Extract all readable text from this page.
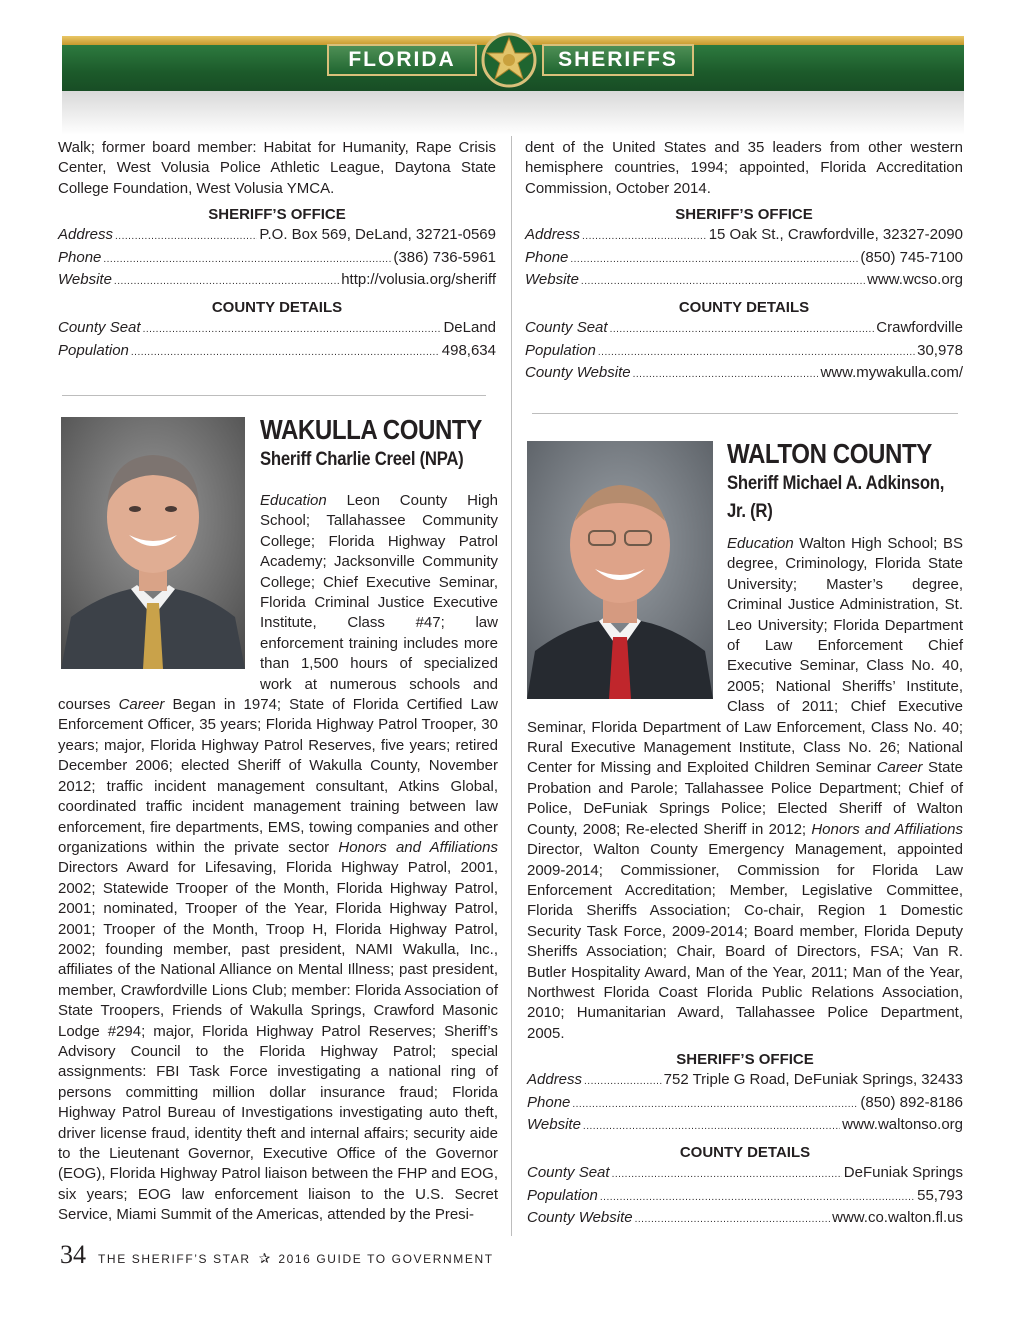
FLORIDA	SHERIFFS

Walk; former board member: Habitat for Humanity, Rape Crisis Center, West Volusia Police Athletic League, Daytona State College Foundation, West Volusia YMCA.

SHERIFF’S OFFICE
Address .....	P.O. Box 569, DeLand, 32721-0569
Phone .....	(386) 736-5961
Website .....	http://volusia.org/sheriff
COUNTY DETAILS
County Seat .....	DeLand
Population .....	498,634

dent of the United States and 35 leaders from other western hemisphere countries, 1994; appointed, Florida Accreditation Commission, October 2014.

SHERIFF’S OFFICE
Address .....	15 Oak St., Crawfordville, 32327-2090
Phone .....	(850) 745-7100
Website .....	www.wcso.org
COUNTY DETAILS
County Seat .....	Crawfordville
Population .....	30,978
County Website .....	www.mywakulla.com/
WAKULLA COUNTY
Sheriff Charlie Creel (NPA)
Education Leon County High School; Tallahassee Community College; Florida Highway Patrol Academy; Jacksonville Community College; Chief Executive Seminar, Florida Criminal Justice Executive Institute, Class #47; law enforcement training includes more than 1,500 hours of specialized work at numerous schools and courses Career Began in 1974; State of Florida Certified Law Enforcement Officer, 35 years; Florida Highway Patrol Trooper, 30 years; major, Florida Highway Patrol Reserves, five years; retired December 2006; elected Sheriff of Wakulla County, November 2012; traffic incident management consultant, Atkins Global, coordinated traffic incident management training between law enforcement, fire departments, EMS, towing companies and other organizations within the private sector Honors and Affiliations Directors Award for Lifesaving, Florida Highway Patrol, 2001, 2002; Statewide Trooper of the Month, Florida Highway Patrol, 2001; nominated, Trooper of the Year, Florida Highway Patrol, 2001; Trooper of the Month, Troop H, Florida Highway Patrol, 2002; founding member, past president, NAMI Wakulla, Inc., affiliates of the National Alliance on Mental Illness; past president, member, Crawfordville Lions Club; member: Florida Association of State Troopers, Friends of Wakulla Springs, Crawford Masonic Lodge #294; major, Florida Highway Patrol Reserves; Sheriff’s Advisory Council to the Florida Highway Patrol; special assignments: FBI Task Force investigating a national ring of persons committing million dollar insurance fraud; Florida Highway Patrol Bureau of Investigations investigating auto theft, driver license fraud, identity theft and internal affairs; security aide to the Lieutenant Governor, Executive Office of the Governor (EOG), Florida Highway Patrol liaison between the FHP and EOG, six years; EOG law enforcement liaison to the U.S. Secret Service, Miami Summit of the Americas, attended by the Presi-
WALTON COUNTY
Sheriff Michael A. Adkinson, Jr. (R)
Education Walton High School; BS degree, Criminology, Florida State University; Master’s degree, Criminal Justice Administration, St. Leo University; Florida Department of Law Enforcement Chief Executive Seminar, Class No. 40, 2005; National Sheriffs’ Institute, Class of 2011; Chief Executive Seminar, Florida Department of Law Enforcement, Class No. 40; Rural Executive Management Institute, Class No. 26; National Center for Missing and Exploited Children Seminar Career State Probation and Parole; Tallahassee Police Department; Chief of Police, DeFuniak Springs Police; Elected Sheriff of Walton County, 2008; Re-elected Sheriff in 2012; Honors and Affiliations Director, Walton County Emergency Management, appointed 2009-2014; Commissioner, Commission for Florida Law Enforcement Accreditation; Member, Legislative Committee, Florida Sheriffs Association; Co-chair, Region 1 Domestic Security Task Force, 2009-2014; Board member, Florida Deputy Sheriffs Association; Chair, Board of Directors, FSA; Van R. Butler Hospitality Award, Man of the Year, 2011; Man of the Year, Northwest Florida Coast Florida Public Relations Association, 2010; Humanitarian Award, Tallahassee Police Department, 2005.
SHERIFF’S OFFICE
Address .....	752 Triple G Road, DeFuniak Springs, 32433
Phone .....	(850) 892-8186
Website .....	www.waltonso.org
COUNTY DETAILS
County Seat .....	DeFuniak Springs
Population .....	55,793
County Website .....	www.co.walton.fl.us
34 THE SHERIFF’S STAR ✰ 2016 GUIDE TO GOVERNMENT
